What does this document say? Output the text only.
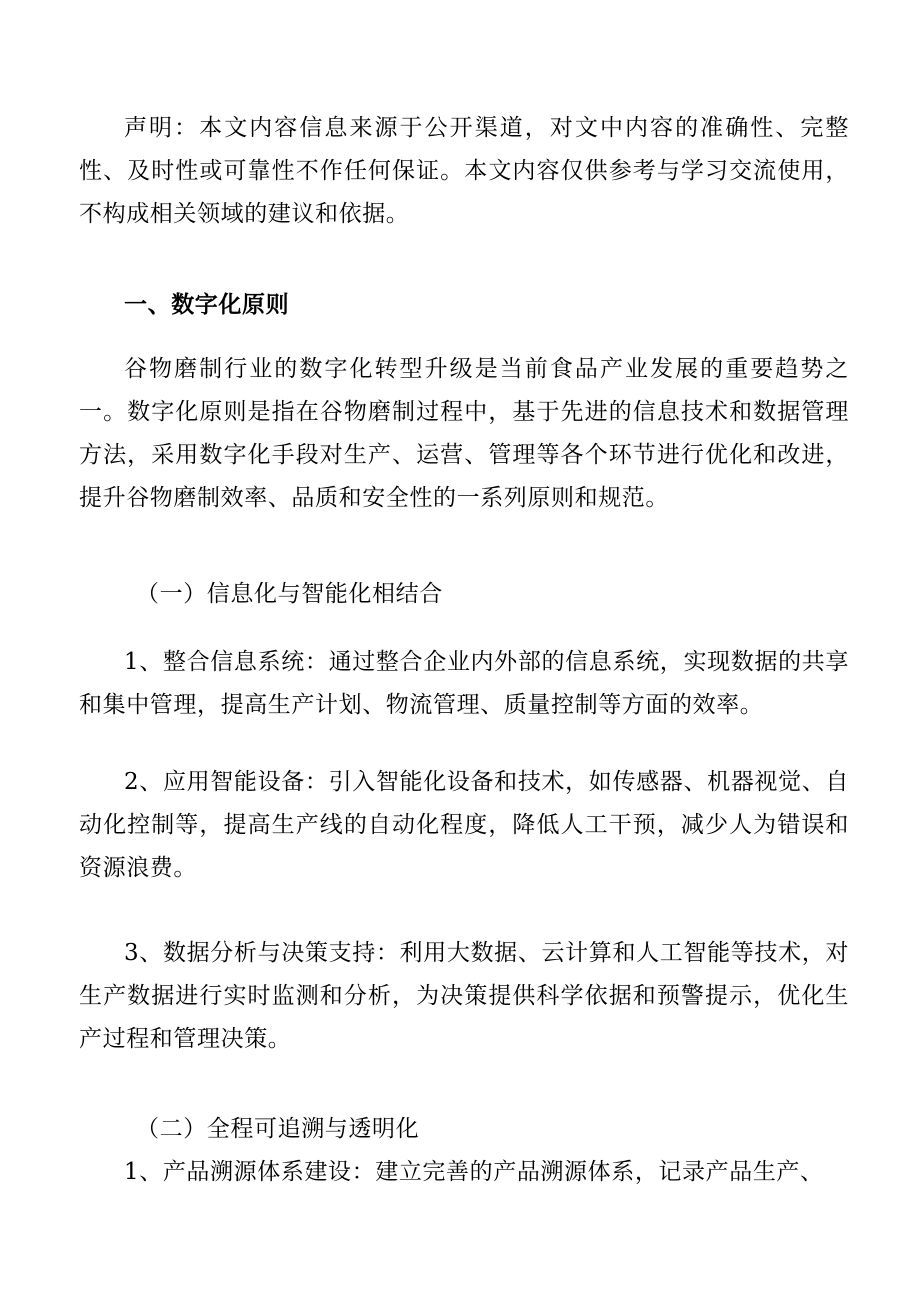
声明：本文内容信息来源于公开渠道，对文中内容的准确性、完整性、及时性或可靠性不作任何保证。本文内容仅供参考与学习交流使用，不构成相关领域的建议和依据。

一、数字化原则

谷物磨制行业的数字化转型升级是当前食品产业发展的重要趋势之一。数字化原则是指在谷物磨制过程中，基于先进的信息技术和数据管理方法，采用数字化手段对生产、运营、管理等各个环节进行优化和改进，提升谷物磨制效率、品质和安全性的一系列原则和规范。

（一）信息化与智能化相结合

1、整合信息系统：通过整合企业内外部的信息系统，实现数据的共享和集中管理，提高生产计划、物流管理、质量控制等方面的效率。

2、应用智能设备：引入智能化设备和技术，如传感器、机器视觉、自动化控制等，提高生产线的自动化程度，降低人工干预，减少人为错误和资源浪费。

3、数据分析与决策支持：利用大数据、云计算和人工智能等技术，对生产数据进行实时监测和分析，为决策提供科学依据和预警提示，优化生产过程和管理决策。

（二）全程可追溯与透明化

1、产品溯源体系建设：建立完善的产品溯源体系，记录产品生产、
